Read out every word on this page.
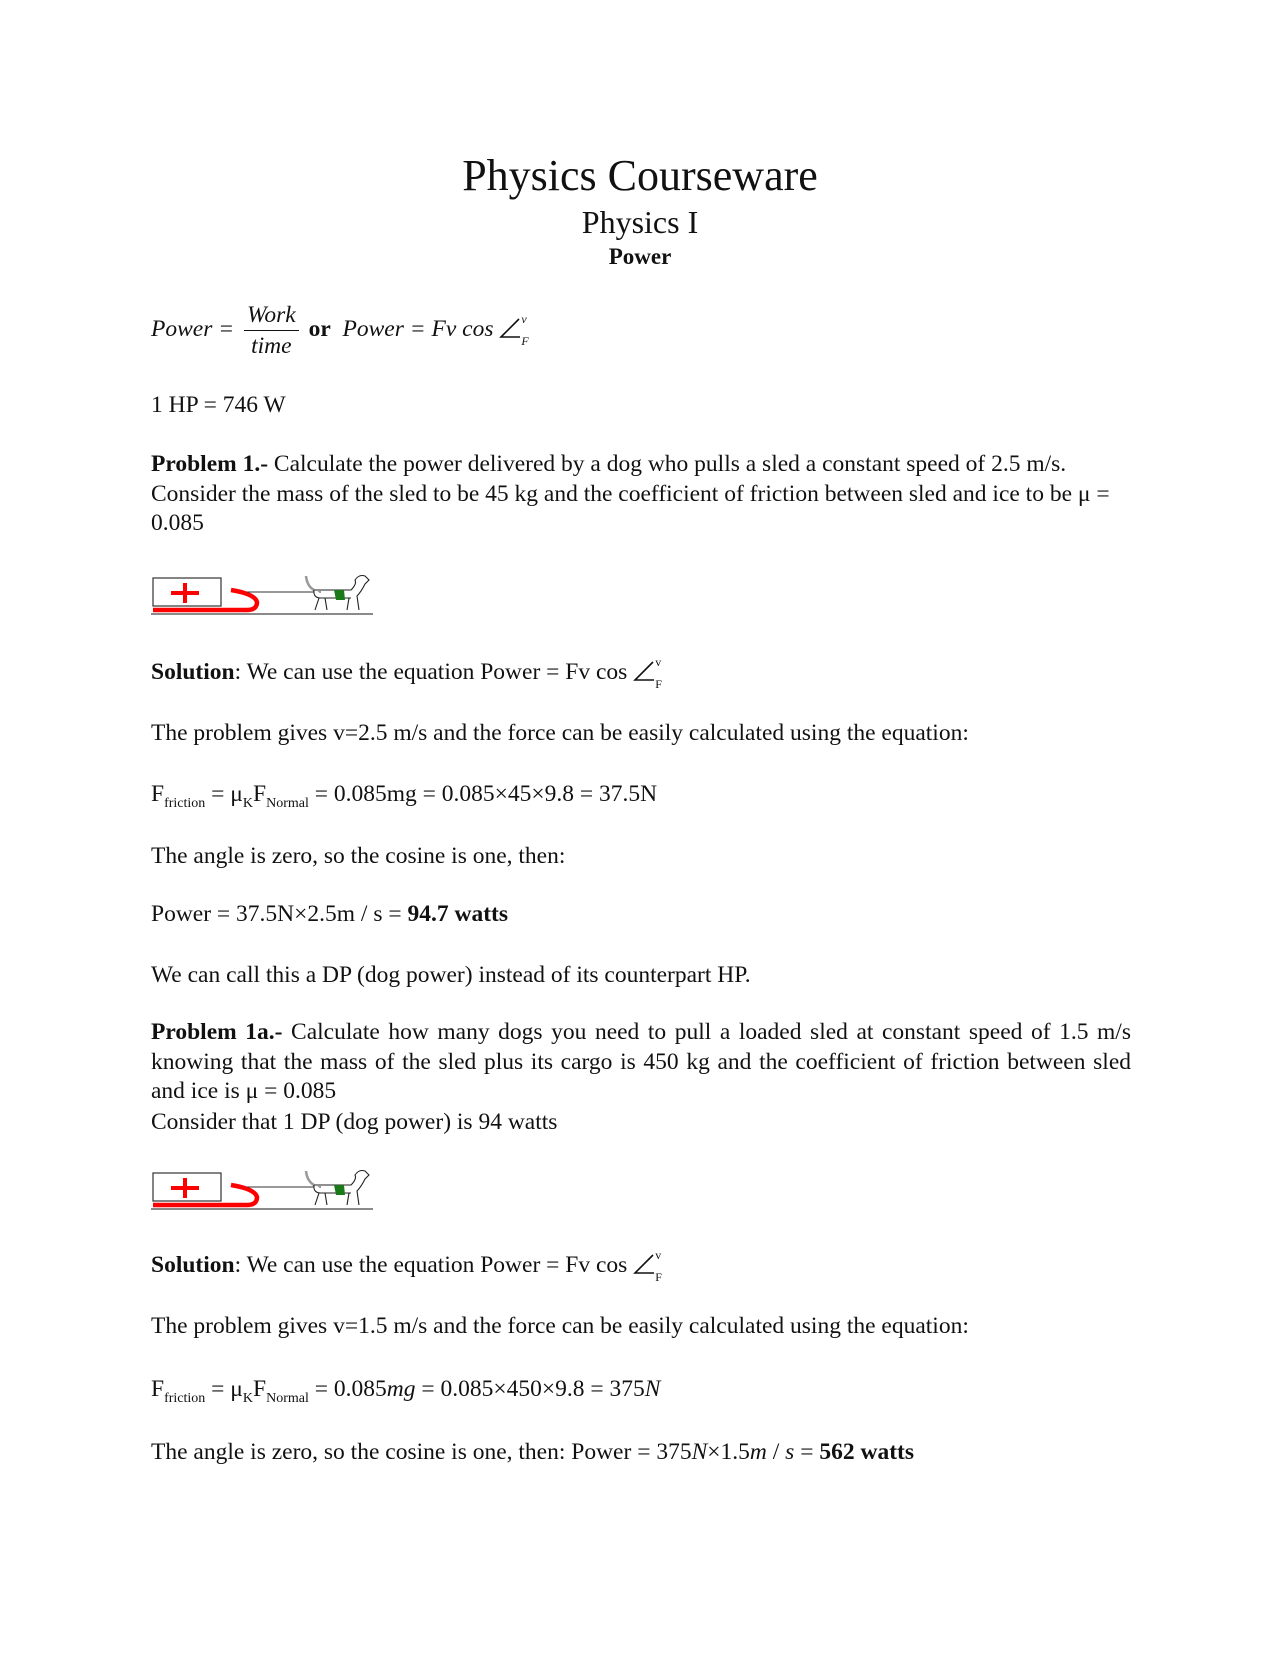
Physics Courseware
Physics I
Power
Power = $\frac{\text{Work}}{\text{time}}$ or Power = Fv cos v
F
1 HP = 746 W
Problem 1.- Calculate the power delivered by a dog who pulls a sled a constant speed of 2.5 m/s. Consider the mass of the sled to be 45 kg and the coefficient of friction between sled and ice to be μ = 0.085
Solution: We can use the equation Power = Fv cos v
F
The problem gives v=2.5 m/s and the force can be easily calculated using the equation:
$F_{friction} = \mu_KF_{Normal} = 0.085mg = 0.085\times 45\times 9.8 = 37.5N$
The angle is zero, so the cosine is one, then:
Power = 37.5N×2.5m / s = 94.7 watts
We can call this a DP (dog power) instead of its counterpart HP.
Problem 1a.- Calculate how many dogs you need to pull a loaded sled at constant speed of 1.5 m/s knowing that the mass of the sled plus its cargo is 450 kg and the coefficient of friction between sled and ice is μ = 0.085
Consider that 1 DP (dog power) is 94 watts
Solution: We can use the equation Power = Fv cos v
F
The problem gives v=1.5 m/s and the force can be easily calculated using the equation:
$F_{friction} = \mu_KF_{Normal} = 0.085mg = 0.085\times 450\times 9.8 = 375N$
The angle is zero, so the cosine is one, then: Power = 375N×1.5m / s = 562 watts
